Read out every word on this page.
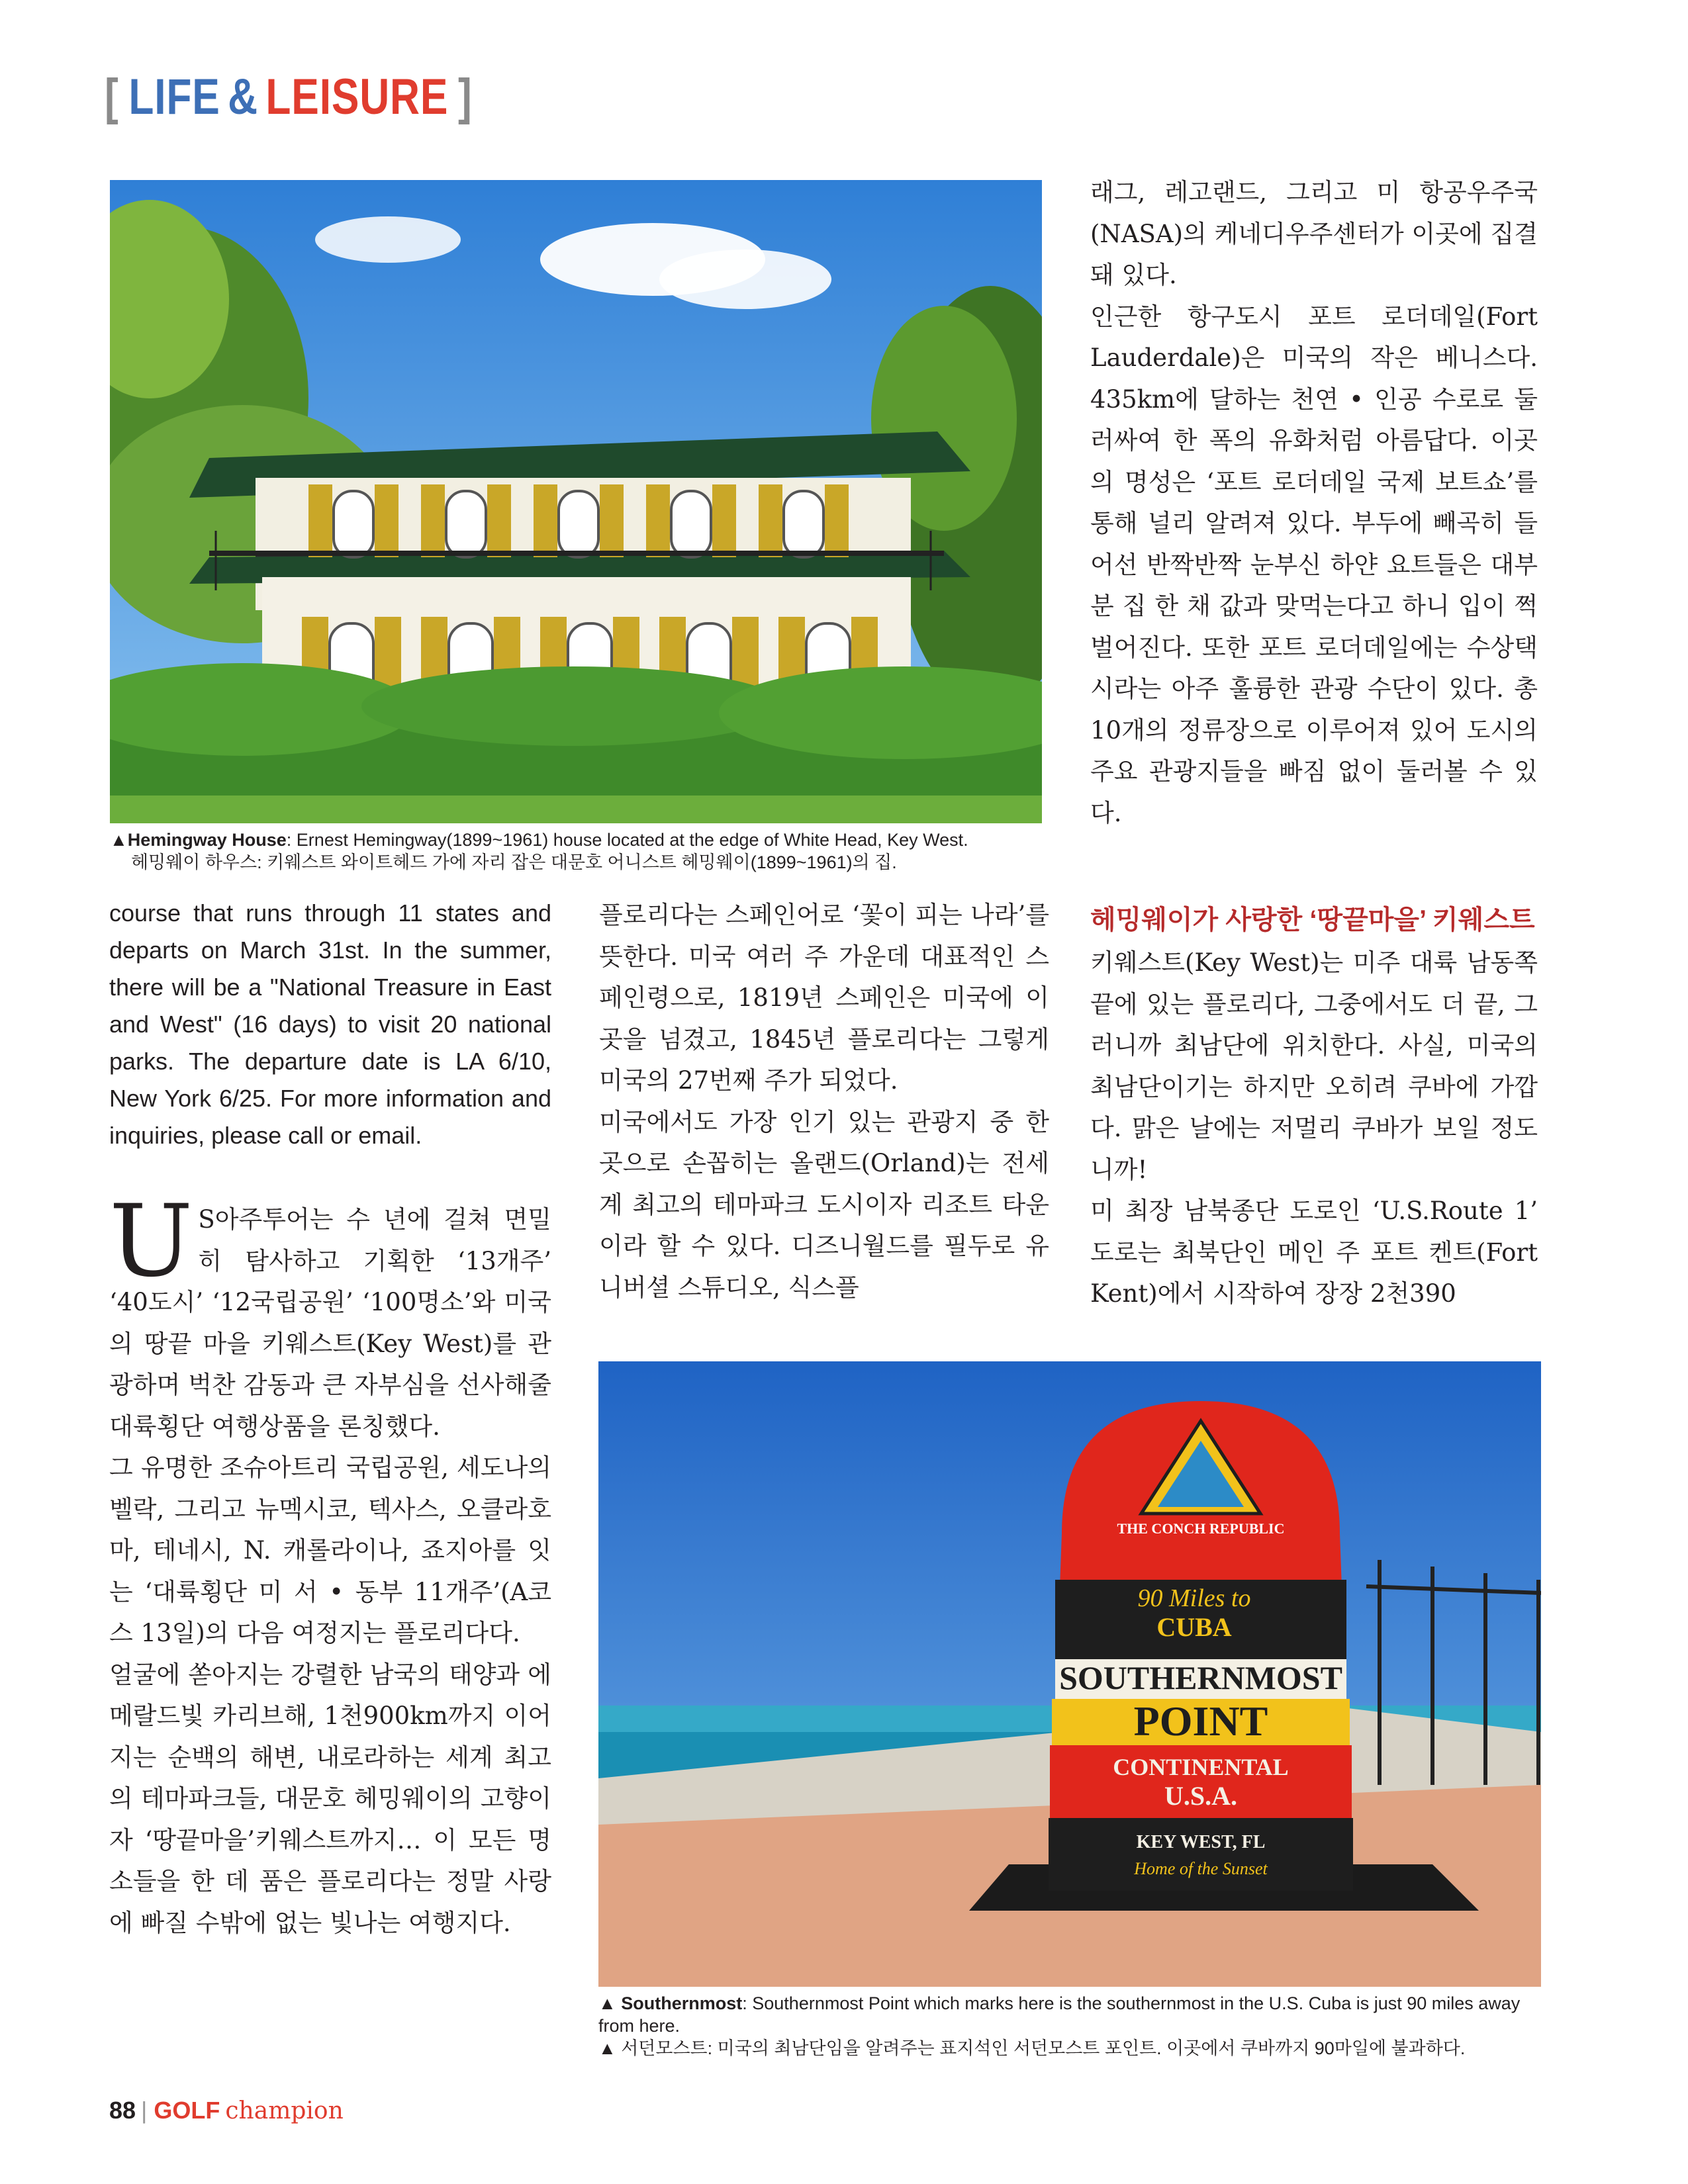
[ LIFE & LEISURE ]
▲Hemingway House: Ernest Hemingway(1899~1961) house located at the edge of White Head, Key West.
헤밍웨이 하우스: 키웨스트 와이트헤드 가에 자리 잡은 대문호 어니스트 헤밍웨이(1899~1961)의 집.
course that runs through 11 states and departs on March 31st. In the summer, there will be a "National Treasure in East and West" (16 days) to visit 20 national parks. The departure date is LA 6/10, New York 6/25. For more information and inquiries, please call or email.

US아주투어는 수 년에 걸쳐 면밀히 탐사하고 기획한 ‘13개주’ ‘40도시’ ‘12국립공원’ ‘100명소’와 미국의 땅끝 마을 키웨스트(Key West)를 관광하며 벅찬 감동과 큰 자부심을 선사해줄 대륙횡단 여행상품을 론칭했다.

그 유명한 조슈아트리 국립공원, 세도나의 벨락, 그리고 뉴멕시코, 텍사스, 오클라호마, 테네시, N. 캐롤라이나, 죠지아를 잇는 ‘대륙횡단 미 서 • 동부 11개주’(A코스 13일)의 다음 여정지는 플로리다다.

얼굴에 쏟아지는 강렬한 남국의 태양과 에메랄드빛 카리브해, 1천900km까지 이어지는 순백의 해변, 내로라하는 세계 최고의 테마파크들, 대문호 헤밍웨이의 고향이자 ‘땅끝마을’키웨스트까지… 이 모든 명소들을 한 데 품은 플로리다는 정말 사랑에 빠질 수밖에 없는 빛나는 여행지다.

플로리다는 스페인어로 ‘꽃이 피는 나라’를 뜻한다. 미국 여러 주 가운데 대표적인 스페인령으로, 1819년 스페인은 미국에 이곳을 넘겼고, 1845년 플로리다는 그렇게 미국의 27번째 주가 되었다.

미국에서도 가장 인기 있는 관광지 중 한 곳으로 손꼽히는 올랜드(Orland)는 전세계 최고의 테마파크 도시이자 리조트 타운이라 할 수 있다. 디즈니월드를 필두로 유니버셜 스튜디오, 식스플

래그, 레고랜드, 그리고 미 항공우주국(NASA)의 케네디우주센터가 이곳에 집결돼 있다.

인근한 항구도시 포트 로더데일(Fort Lauderdale)은 미국의 작은 베니스다. 435km에 달하는 천연 • 인공 수로로 둘러싸여 한 폭의 유화처럼 아름답다. 이곳의 명성은 ‘포트 로더데일 국제 보트쇼’를 통해 널리 알려져 있다. 부두에 빼곡히 들어선 반짝반짝 눈부신 하얀 요트들은 대부분 집 한 채 값과 맞먹는다고 하니 입이 쩍 벌어진다. 또한 포트 로더데일에는 수상택시라는 아주 훌륭한 관광 수단이 있다. 총 10개의 정류장으로 이루어져 있어 도시의 주요 관광지들을 빠짐 없이 둘러볼 수 있다.

헤밍웨이가 사랑한 ‘땅끝마을’ 키웨스트

키웨스트(Key West)는 미주 대륙 남동쪽 끝에 있는 플로리다, 그중에서도 더 끝, 그러니까 최남단에 위치한다. 사실, 미국의 최남단이기는 하지만 오히려 쿠바에 가깝다. 맑은 날에는 저멀리 쿠바가 보일 정도니까!

미 최장 남북종단 도로인 ‘U.S.Route 1’ 도로는 최북단인 메인 주 포트 켄트(Fort Kent)에서 시작하여 장장 2천390

THE CONCH REPUBLIC
90 Miles to
CUBA
SOUTHERNMOST
POINT
CONTINENTAL
U.S.A.
KEY WEST, FL
Home of the Sunset
▲ Southernmost: Southernmost Point which marks here is the southernmost in the U.S. Cuba is just 90 miles away from here.
▲ 서던모스트: 미국의 최남단임을 알려주는 표지석인 서던모스트 포인트. 이곳에서 쿠바까지 90마일에 불과하다.
88 | GOLF champion
